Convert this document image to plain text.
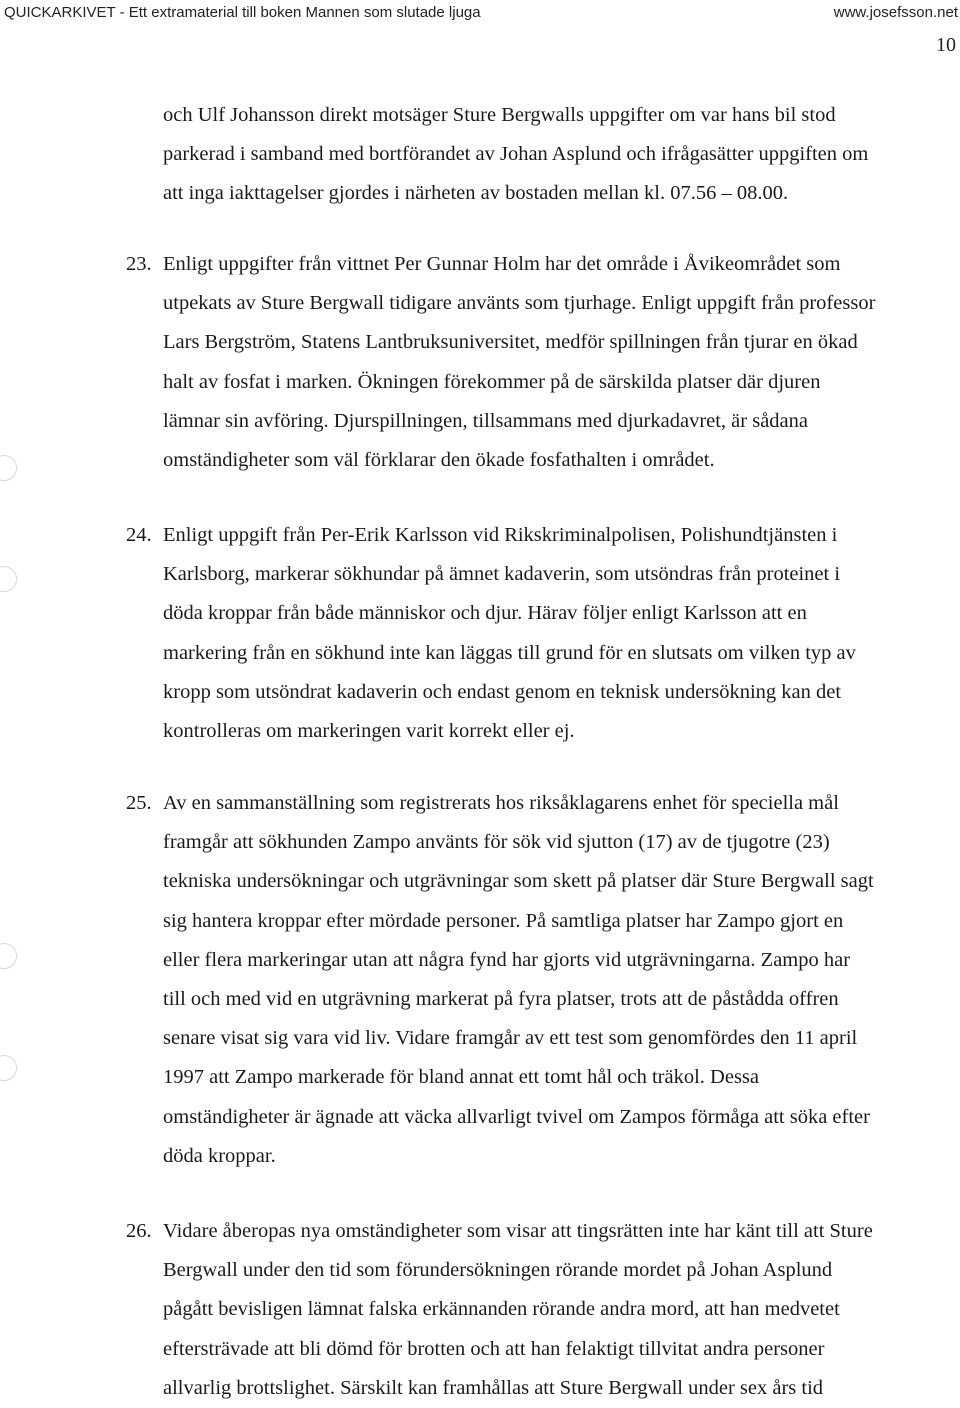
QUICKARKIVET - Ett extramaterial till boken Mannen som slutade ljuga	www.josefsson.net
10
och Ulf Johansson direkt motsäger Sture Bergwalls uppgifter om var hans bil stod
parkerad i samband med bortförandet av Johan Asplund och ifrågasätter uppgiften om
att inga iakttagelser gjordes i närheten av bostaden mellan kl. 07.56 – 08.00.
23. Enligt uppgifter från vittnet Per Gunnar Holm har det område i Åvikeområdet som
utpekats av Sture Bergwall tidigare använts som tjurhage. Enligt uppgift från professor
Lars Bergström, Statens Lantbruksuniversitet, medför spillningen från tjurar en ökad
halt av fosfat i marken. Ökningen förekommer på de särskilda platser där djuren
lämnar sin avföring. Djurspillningen, tillsammans med djurkadavret, är sådana
omständigheter som väl förklarar den ökade fosfathalten i området.
24. Enligt uppgift från Per-Erik Karlsson vid Rikskriminalpolisen, Polishundtjänsten i
Karlsborg, markerar sökhundar på ämnet kadaverin, som utsöndras från proteinet i
döda kroppar från både människor och djur. Härav följer enligt Karlsson att en
markering från en sökhund inte kan läggas till grund för en slutsats om vilken typ av
kropp som utsöndrat kadaverin och endast genom en teknisk undersökning kan det
kontrolleras om markeringen varit korrekt eller ej.
25. Av en sammanställning som registrerats hos riksåklagarens enhet för speciella mål
framgår att sökhunden Zampo använts för sök vid sjutton (17) av de tjugotre (23)
tekniska undersökningar och utgrävningar som skett på platser där Sture Bergwall sagt
sig hantera kroppar efter mördade personer. På samtliga platser har Zampo gjort en
eller flera markeringar utan att några fynd har gjorts vid utgrävningarna. Zampo har
till och med vid en utgrävning markerat på fyra platser, trots att de påstådda offren
senare visat sig vara vid liv. Vidare framgår av ett test som genomfördes den 11 april
1997 att Zampo markerade för bland annat ett tomt hål och träkol. Dessa
omständigheter är ägnade att väcka allvarligt tvivel om Zampos förmåga att söka efter
döda kroppar.
26. Vidare åberopas nya omständigheter som visar att tingsrätten inte har känt till att Sture
Bergwall under den tid som förundersökningen rörande mordet på Johan Asplund
pågått bevisligen lämnat falska erkännanden rörande andra mord, att han medvetet
eftersträvade att bli dömd för brotten och att han felaktigt tillvitat andra personer
allvarlig brottslighet. Särskilt kan framhållas att Sture Bergwall under sex års tid
